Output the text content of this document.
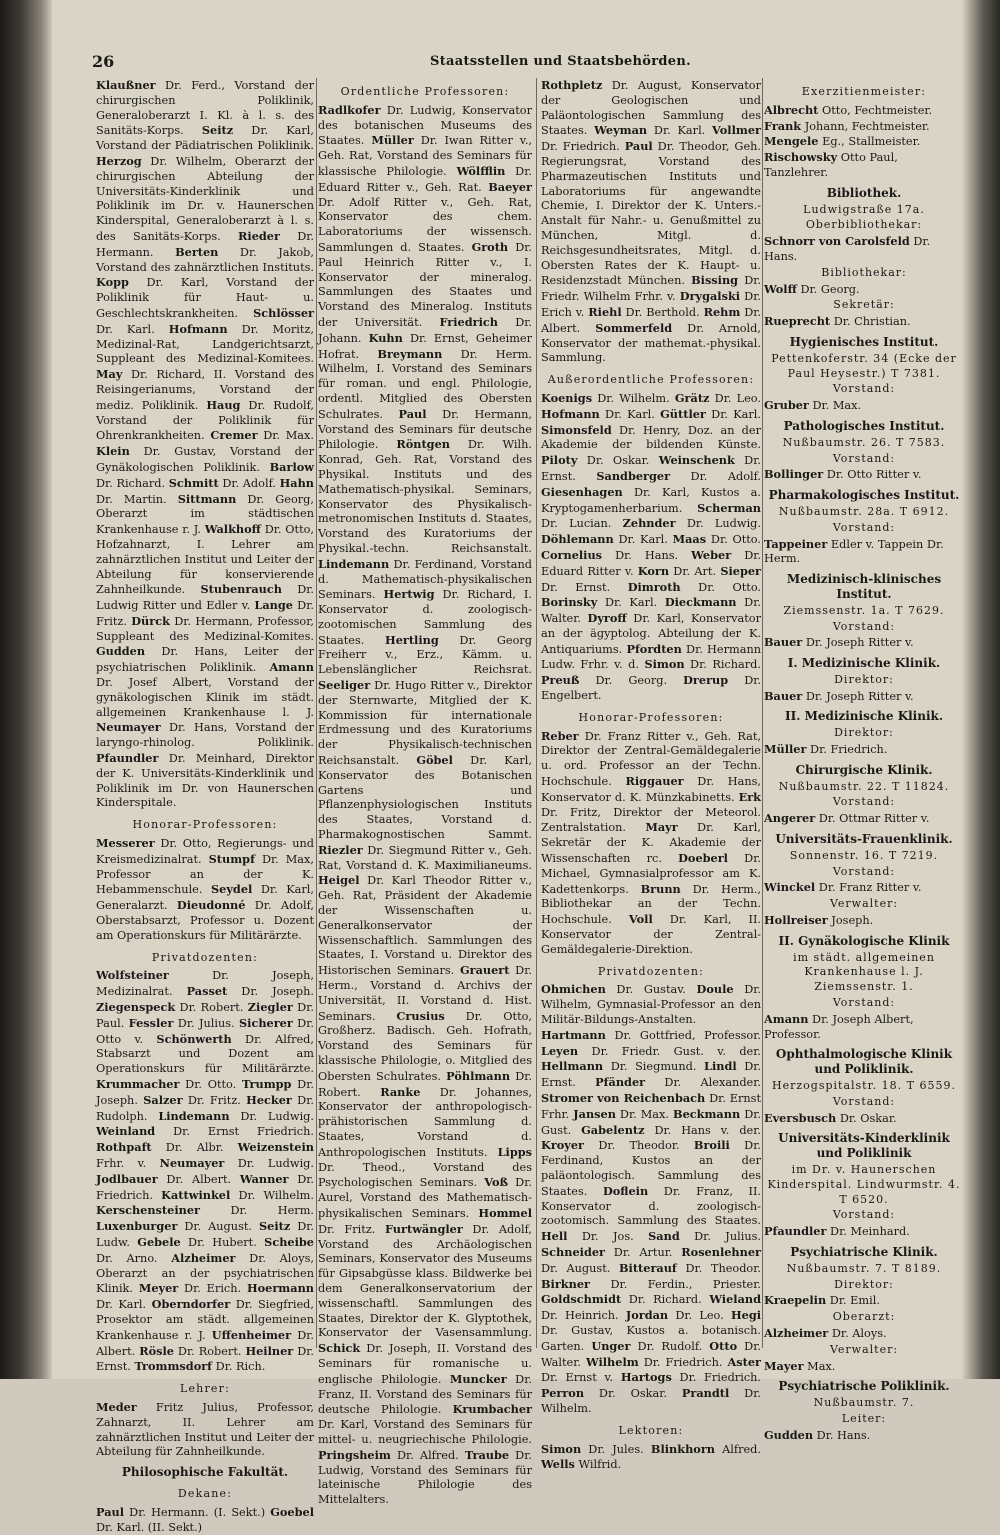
26	Staatsstellen und Staatsbehörden.

Klaußner Dr. Ferd., Vorstand der chirurgischen Poliklinik, Generaloberarzt I. Kl. à l. s. des Sanitäts-Korps. Seitz Dr. Karl, Vorstand der Pädiatrischen Poliklinik. Herzog Dr. Wilhelm, Oberarzt der chirurgischen Abteilung der Universitäts-Kinderklinik und Poliklinik im Dr. v. Haunerschen Kinderspital, Generaloberarzt à l. s. des Sanitäts-Korps. Rieder Dr. Hermann. Berten Dr. Jakob, Vorstand des zahnärztlichen Instituts. Kopp Dr. Karl, Vorstand der Poliklinik für Haut- u. Geschlechtskrankheiten. Schlösser Dr. Karl. Hofmann Dr. Moritz, Medizinal-Rat, Landgerichtsarzt, Suppleant des Medizinal-Komitees. May Dr. Richard, II. Vorstand des Reisingerianums, Vorstand der mediz. Poliklinik. Haug Dr. Rudolf, Vorstand der Poliklinik für Ohrenkrankheiten. Cremer Dr. Max. Klein Dr. Gustav, Vorstand der Gynäkologischen Poliklinik. Barlow Dr. Richard. Schmitt Dr. Adolf. Hahn Dr. Martin. Sittmann Dr. Georg, Oberarzt im städtischen Krankenhause r. J. Walkhoff Dr. Otto, Hofzahnarzt, I. Lehrer am zahnärztlichen Institut und Leiter der Abteilung für konservierende Zahnheilkunde. Stubenrauch Dr. Ludwig Ritter und Edler v. Lange Dr. Fritz. Dürck Dr. Hermann, Professor, Suppleant des Medizinal-Komites. Gudden Dr. Hans, Leiter der psychiatrischen Poliklinik. Amann Dr. Josef Albert, Vorstand der gynäkologischen Klinik im städt. allgemeinen Krankenhause l. J. Neumayer Dr. Hans, Vorstand der laryngo-rhinolog. Poliklinik. Pfaundler Dr. Meinhard, Direktor der K. Universitäts-Kinderklinik und Poliklinik im Dr. von Haunerschen Kinderspitale.

Honorar-Professoren:

Messerer Dr. Otto, Regierungs- und Kreismedizinalrat. Stumpf Dr. Max, Professor an der K. Hebammenschule. Seydel Dr. Karl, Generalarzt. Dieudonné Dr. Adolf, Oberstabsarzt, Professor u. Dozent am Operationskurs für Militärärzte.

Privatdozenten:

Wolfsteiner Dr. Joseph, Medizinalrat. Passet Dr. Joseph. Ziegenspeck Dr. Robert. Ziegler Dr. Paul. Fessler Dr. Julius. Sicherer Dr. Otto v. Schönwerth Dr. Alfred, Stabsarzt und Dozent am Operationskurs für Militärärzte. Krummacher Dr. Otto. Trumpp Dr. Joseph. Salzer Dr. Fritz. Hecker Dr. Rudolph. Lindemann Dr. Ludwig. Weinland Dr. Ernst Friedrich. Rothpaft Dr. Albr. Weizenstein Frhr. v. Neumayer Dr. Ludwig. Jodlbauer Dr. Albert. Wanner Dr. Friedrich. Kattwinkel Dr. Wilhelm. Kerschensteiner Dr. Herm. Luxenburger Dr. August. Seitz Dr. Ludw. Gebele Dr. Hubert. Scheibe Dr. Arno. Alzheimer Dr. Aloys, Oberarzt an der psychiatrischen Klinik. Meyer Dr. Erich. Hoermann Dr. Karl. Oberndorfer Dr. Siegfried, Prosektor am städt. allgemeinen Krankenhause r. J. Uffenheimer Dr. Albert. Rösle Dr. Robert. Heilner Dr. Ernst. Trommsdorf Dr. Rich.

Lehrer:

Meder Fritz Julius, Professor, Zahnarzt, II. Lehrer am zahnärztlichen Institut und Leiter der Abteilung für Zahnheilkunde.

Philosophische Fakultät.
Dekane:

Paul Dr. Hermann. (I. Sekt.) Goebel Dr. Karl. (II. Sekt.)

Ordentliche Professoren:

Radlkofer Dr. Ludwig, Konservator des botanischen Museums des Staates. Müller Dr. Iwan Ritter v., Geh. Rat, Vorstand des Seminars für klassische Philologie. Wölfflin Dr. Eduard Ritter v., Geh. Rat. Baeyer Dr. Adolf Ritter v., Geh. Rat, Konservator des chem. Laboratoriums der wissensch. Sammlungen d. Staates. Groth Dr. Paul Heinrich Ritter v., I. Konservator der mineralog. Sammlungen des Staates und Vorstand des Mineralog. Instituts der Universität. Friedrich Dr. Johann. Kuhn Dr. Ernst, Geheimer Hofrat. Breymann Dr. Herm. Wilhelm, I. Vorstand des Seminars für roman. und engl. Philologie, ordentl. Mitglied des Obersten Schulrates. Paul Dr. Hermann, Vorstand des Seminars für deutsche Philologie. Röntgen Dr. Wilh. Konrad, Geh. Rat, Vorstand des Physikal. Instituts und des Mathematisch-physikal. Seminars, Konservator des Physikalisch-metronomischen Instituts d. Staates, Vorstand des Kuratoriums der Physikal.-techn. Reichsanstalt. Lindemann Dr. Ferdinand, Vorstand d. Mathematisch-physikalischen Seminars. Hertwig Dr. Richard, I. Konservator d. zoologisch-zootomischen Sammlung des Staates. Hertling Dr. Georg Freiherr v., Erz., Kämm. u. Lebenslänglicher Reichsrat. Seeliger Dr. Hugo Ritter v., Direktor der Sternwarte, Mitglied der K. Kommission für internationale Erdmessung und des Kuratoriums der Physikalisch-technischen Reichsanstalt. Göbel Dr. Karl, Konservator des Botanischen Gartens und Pflanzenphysiologischen Instituts des Staates, Vorstand d. Pharmakognostischen Sammt. Riezler Dr. Siegmund Ritter v., Geh. Rat, Vorstand d. K. Maximilianeums. Heigel Dr. Karl Theodor Ritter v., Geh. Rat, Präsident der Akademie der Wissenschaften u. Generalkonservator der Wissenschaftlich. Sammlungen des Staates, I. Vorstand u. Direktor des Historischen Seminars. Grauert Dr. Herm., Vorstand d. Archivs der Universität, II. Vorstand d. Hist. Seminars. Crusius Dr. Otto, Großherz. Badisch. Geh. Hofrath, Vorstand des Seminars für klassische Philologie, o. Mitglied des Obersten Schulrates. Pöhlmann Dr. Robert. Ranke Dr. Johannes, Konservator der anthropologisch-prähistorischen Sammlung d. Staates, Vorstand d. Anthropologischen Instituts. Lipps Dr. Theod., Vorstand des Psychologischen Seminars. Voß Dr. Aurel, Vorstand des Mathematisch-physikalischen Seminars. Hommel Dr. Fritz. Furtwängler Dr. Adolf, Vorstand des Archäologischen Seminars, Konservator des Museums für Gipsabgüsse klass. Bildwerke bei dem Generalkonservatorium der wissenschaftl. Sammlungen des Staates, Direktor der K. Glyptothek, Konservator der Vasensammlung. Schick Dr. Joseph, II. Vorstand des Seminars für romanische u. englische Philologie. Muncker Dr. Franz, II. Vorstand des Seminars für deutsche Philologie. Krumbacher Dr. Karl, Vorstand des Seminars für mittel- u. neugriechische Philologie. Pringsheim Dr. Alfred. Traube Dr. Ludwig, Vorstand des Seminars für lateinische Philologie des Mittelalters.

Rothpletz Dr. August, Konservator der Geologischen und Paläontologischen Sammlung des Staates. Weyman Dr. Karl. Vollmer Dr. Friedrich. Paul Dr. Theodor, Geh. Regierungsrat, Vorstand des Pharmazeutischen Instituts und Laboratoriums für angewandte Chemie, I. Direktor der K. Unters.-Anstalt für Nahr.- u. Genußmittel zu München, Mitgl. d. Reichsgesundheitsrates, Mitgl. d. Obersten Rates der K. Haupt- u. Residenzstadt München. Bissing Dr. Friedr. Wilhelm Frhr. v. Drygalski Dr. Erich v. Riehl Dr. Berthold. Rehm Dr. Albert. Sommerfeld Dr. Arnold, Konservator der mathemat.-physikal. Sammlung.

Außerordentliche Professoren:

Koenigs Dr. Wilhelm. Grätz Dr. Leo. Hofmann Dr. Karl. Güttler Dr. Karl. Simonsfeld Dr. Henry, Doz. an der Akademie der bildenden Künste. Piloty Dr. Oskar. Weinschenk Dr. Ernst. Sandberger Dr. Adolf. Giesenhagen Dr. Karl, Kustos a. Kryptogamenherbarium. Scherman Dr. Lucian. Zehnder Dr. Ludwig. Döhlemann Dr. Karl. Maas Dr. Otto. Cornelius Dr. Hans. Weber Dr. Eduard Ritter v. Korn Dr. Art. Sieper Dr. Ernst. Dimroth Dr. Otto. Borinsky Dr. Karl. Dieckmann Dr. Walter. Dyroff Dr. Karl, Konservator an der ägyptolog. Abteilung der K. Antiquariums. Pfordten Dr. Hermann Ludw. Frhr. v. d. Simon Dr. Richard. Preuß Dr. Georg. Drerup Dr. Engelbert.

Honorar-Professoren:

Reber Dr. Franz Ritter v., Geh. Rat, Direktor der Zentral-Gemäldegalerie u. ord. Professor an der Techn. Hochschule. Riggauer Dr. Hans, Konservator d. K. Münzkabinetts. Erk Dr. Fritz, Direktor der Meteorol. Zentralstation. Mayr Dr. Karl, Sekretär der K. Akademie der Wissenschaften rc. Doeberl Dr. Michael, Gymnasialprofessor am K. Kadettenkorps. Brunn Dr. Herm., Bibliothekar an der Techn. Hochschule. Voll Dr. Karl, II. Konservator der Zentral-Gemäldegalerie-Direktion.

Privatdozenten:

Ohmichen Dr. Gustav. Doule Dr. Wilhelm, Gymnasial-Professor an den Militär-Bildungs-Anstalten. Hartmann Dr. Gottfried, Professor. Leyen Dr. Friedr. Gust. v. der. Hellmann Dr. Siegmund. Lindl Dr. Ernst. Pfänder Dr. Alexander. Stromer von Reichenbach Dr. Ernst Frhr. Jansen Dr. Max. Beckmann Dr. Gust. Gabelentz Dr. Hans v. der. Kroyer Dr. Theodor. Broili Dr. Ferdinand, Kustos an der paläontologisch. Sammlung des Staates. Doflein Dr. Franz, II. Konservator d. zoologisch-zootomisch. Sammlung des Staates. Hell Dr. Jos. Sand Dr. Julius. Schneider Dr. Artur. Rosenlehner Dr. August. Bitterauf Dr. Theodor. Birkner Dr. Ferdin., Priester. Goldschmidt Dr. Richard. Wieland Dr. Heinrich. Jordan Dr. Leo. Hegi Dr. Gustav, Kustos a. botanisch. Garten. Unger Dr. Rudolf. Otto Dr. Walter. Wilhelm Dr. Friedrich. Aster Dr. Ernst v. Hartogs Dr. Friedrich. Perron Dr. Oskar. Prandtl Dr. Wilhelm.

Lektoren:

Simon Dr. Jules. Blinkhorn Alfred. Wells Wilfrid.

Exerzitienmeister:

Albrecht Otto, Fechtmeister. Frank Johann, Fechtmeister. Mengele Eg., Stallmeister. Rischowsky Otto Paul, Tanzlehrer.

Bibliothek.
Ludwigstraße 17a.
Oberbibliothekar:

Schnorr von Carolsfeld Dr. Hans.

Bibliothekar:

Wolff Dr. Georg.

Sekretär:

Rueprecht Dr. Christian.

Hygienisches Institut.
Pettenkoferstr. 34 (Ecke der Paul Heysestr.) T 7381.
Vorstand:

Gruber Dr. Max.

Pathologisches Institut.
Nußbaumstr. 26. T 7583.
Vorstand:

Bollinger Dr. Otto Ritter v.

Pharmakologisches Institut.
Nußbaumstr. 28a. T 6912.
Vorstand:

Tappeiner Edler v. Tappein Dr. Herm.

Medizinisch-klinisches Institut.
Ziemssenstr. 1a. T 7629.
Vorstand:

Bauer Dr. Joseph Ritter v.

I. Medizinische Klinik.
Direktor:

Bauer Dr. Joseph Ritter v.

II. Medizinische Klinik.
Direktor:

Müller Dr. Friedrich.

Chirurgische Klinik.
Nußbaumstr. 22. T 11824.
Vorstand:

Angerer Dr. Ottmar Ritter v.

Universitäts-Frauenklinik.
Sonnenstr. 16. T 7219.
Vorstand:

Winckel Dr. Franz Ritter v.

Verwalter:

Hollreiser Joseph.

II. Gynäkologische Klinik
im städt. allgemeinen Krankenhause l. J. Ziemssenstr. 1.
Vorstand:

Amann Dr. Joseph Albert, Professor.

Ophthalmologische Klinik und Poliklinik.
Herzogspitalstr. 18. T 6559.
Vorstand:

Eversbusch Dr. Oskar.

Universitäts-Kinderklinik und Poliklinik
im Dr. v. Haunerschen Kinderspital. Lindwurmstr. 4. T 6520.
Vorstand:

Pfaundler Dr. Meinhard.

Psychiatrische Klinik.
Nußbaumstr. 7. T 8189.
Direktor:

Kraepelin Dr. Emil.

Oberarzt:

Alzheimer Dr. Aloys.

Verwalter:

Mayer Max.

Psychiatrische Poliklinik.
Nußbaumstr. 7.
Leiter:

Gudden Dr. Hans.
